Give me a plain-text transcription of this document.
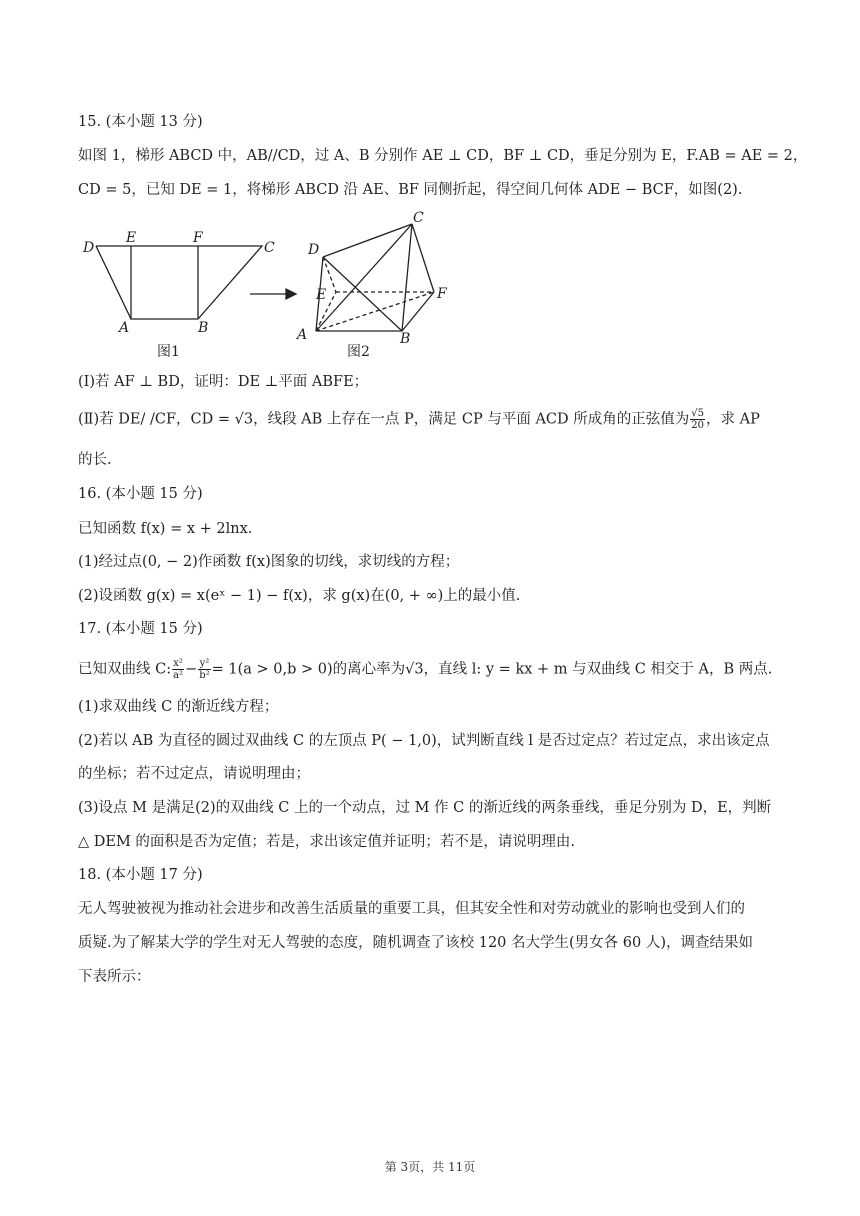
15. (本小题 13 分)
如图 1，梯形 ABCD 中，AB//CD，过 A、B 分别作 AE ⊥ CD，BF ⊥ CD，垂足分别为 E，F.AB = AE = 2，
CD = 5，已知 DE = 1，将梯形 ABCD 沿 AE、BF 同侧折起，得空间几何体 ADE − BCF，如图(2).
D
E	F
C
A	B
图1
C
D
E	F
A	B
图2
(Ⅰ)若 AF ⊥ BD，证明：DE ⊥平面 ABFE；
(Ⅱ)若 DE/ /CF，CD = √3，线段 AB 上存在一点 P，满足 CP 与平面 ACD 所成角的正弦值为 $\frac{√5}{20}$ ，求 AP
的长.
16. (本小题 15 分)
已知函数 f(x) = x + 2lnx.
(1)经过点(0, − 2)作函数 f(x)图象的切线，求切线的方程；
(2)设函数 g(x) = x(eˣ − 1) − f(x)，求 g(x)在(0, + ∞)上的最小值.
17. (本小题 15 分)
已知双曲线 C: $\frac{\text{x²}}{\text{a²}} - \frac{\text{y²}}{\text{b²}} = 1(a > 0,b > 0)$的离心率为√3，直线 l: y = kx + m 与双曲线 C 相交于 A，B 两点.
(1)求双曲线 C 的渐近线方程；
(2)若以 AB 为直径的圆过双曲线 C 的左顶点 P( − 1,0)，试判断直线 l 是否过定点？若过定点，求出该定点
的坐标；若不过定点，请说明理由；
(3)设点 M 是满足(2)的双曲线 C 上的一个动点，过 M 作 C 的渐近线的两条垂线，垂足分别为 D，E，判断
△ DEM 的面积是否为定值；若是，求出该定值并证明；若不是，请说明理由.
18. (本小题 17 分)
无人驾驶被视为推动社会进步和改善生活质量的重要工具，但其安全性和对劳动就业的影响也受到人们的
质疑.为了解某大学的学生对无人驾驶的态度，随机调查了该校 120 名大学生(男女各 60 人)，调查结果如
下表所示：
第 3页，共 11页
